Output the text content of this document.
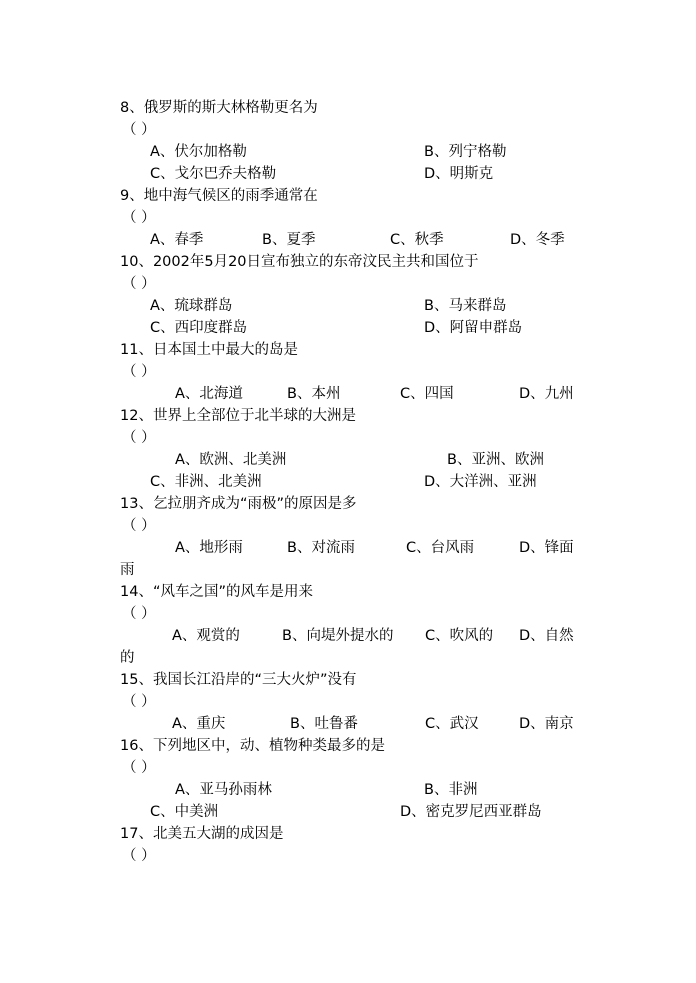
8、俄罗斯的斯大林格勒更名为
（ ）
A、伏尔加格勒	B、列宁格勒
C、戈尔巴乔夫格勒	D、明斯克
9、地中海气候区的雨季通常在
（ ）
A、春季	B、夏季	C、秋季	D、冬季
10、2002年5月20日宣布独立的东帝汶民主共和国位于
（ ）
A、琉球群岛	B、马来群岛
C、西印度群岛	D、阿留申群岛
11、日本国土中最大的岛是
（ ）
A、北海道	B、本州	C、四国	D、九州
12、世界上全部位于北半球的大洲是
（ ）
A、欧洲、北美洲	B、亚洲、欧洲
C、非洲、北美洲	D、大洋洲、亚洲
13、乞拉朋齐成为“雨极”的原因是多
（ ）
A、地形雨	B、对流雨	C、台风雨	D、锋面
雨
14、“风车之国”的风车是用来
（ ）
A、观赏的	B、向堤外提水的 C、吹风的 D、自然
的
15、我国长江沿岸的“三大火炉”没有
（ ）
A、重庆	B、吐鲁番	C、武汉	D、南京
16、下列地区中，动、植物种类最多的是
（ ）
A、亚马孙雨林	B、非洲
C、中美洲	D、密克罗尼西亚群岛
17、北美五大湖的成因是
（ ）
